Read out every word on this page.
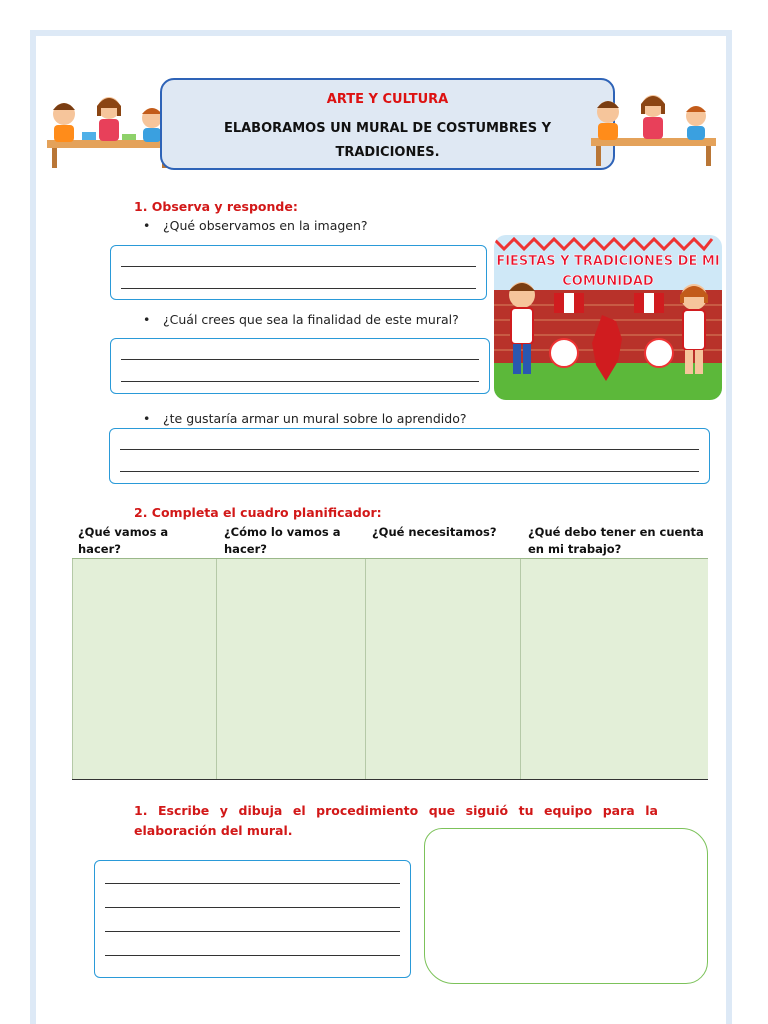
ARTE Y CULTURA
ELABORAMOS UN MURAL DE COSTUMBRES Y TRADICIONES.
1. Observa y responde:
• ¿Qué observamos en la imagen?
• ¿Cuál crees que sea la finalidad de este mural?
• ¿te gustaría armar un mural sobre lo aprendido?
FIESTAS Y TRADICIONES DE MI
COMUNIDAD
2. Completa el cuadro planificador:
¿Qué vamos a hacer?
¿Cómo lo vamos a hacer?
¿Qué necesitamos?	¿Qué debo tener en cuenta en mi trabajo?
1. Escribe y dibuja el procedimiento que siguió tu equipo para la elaboración del mural.
